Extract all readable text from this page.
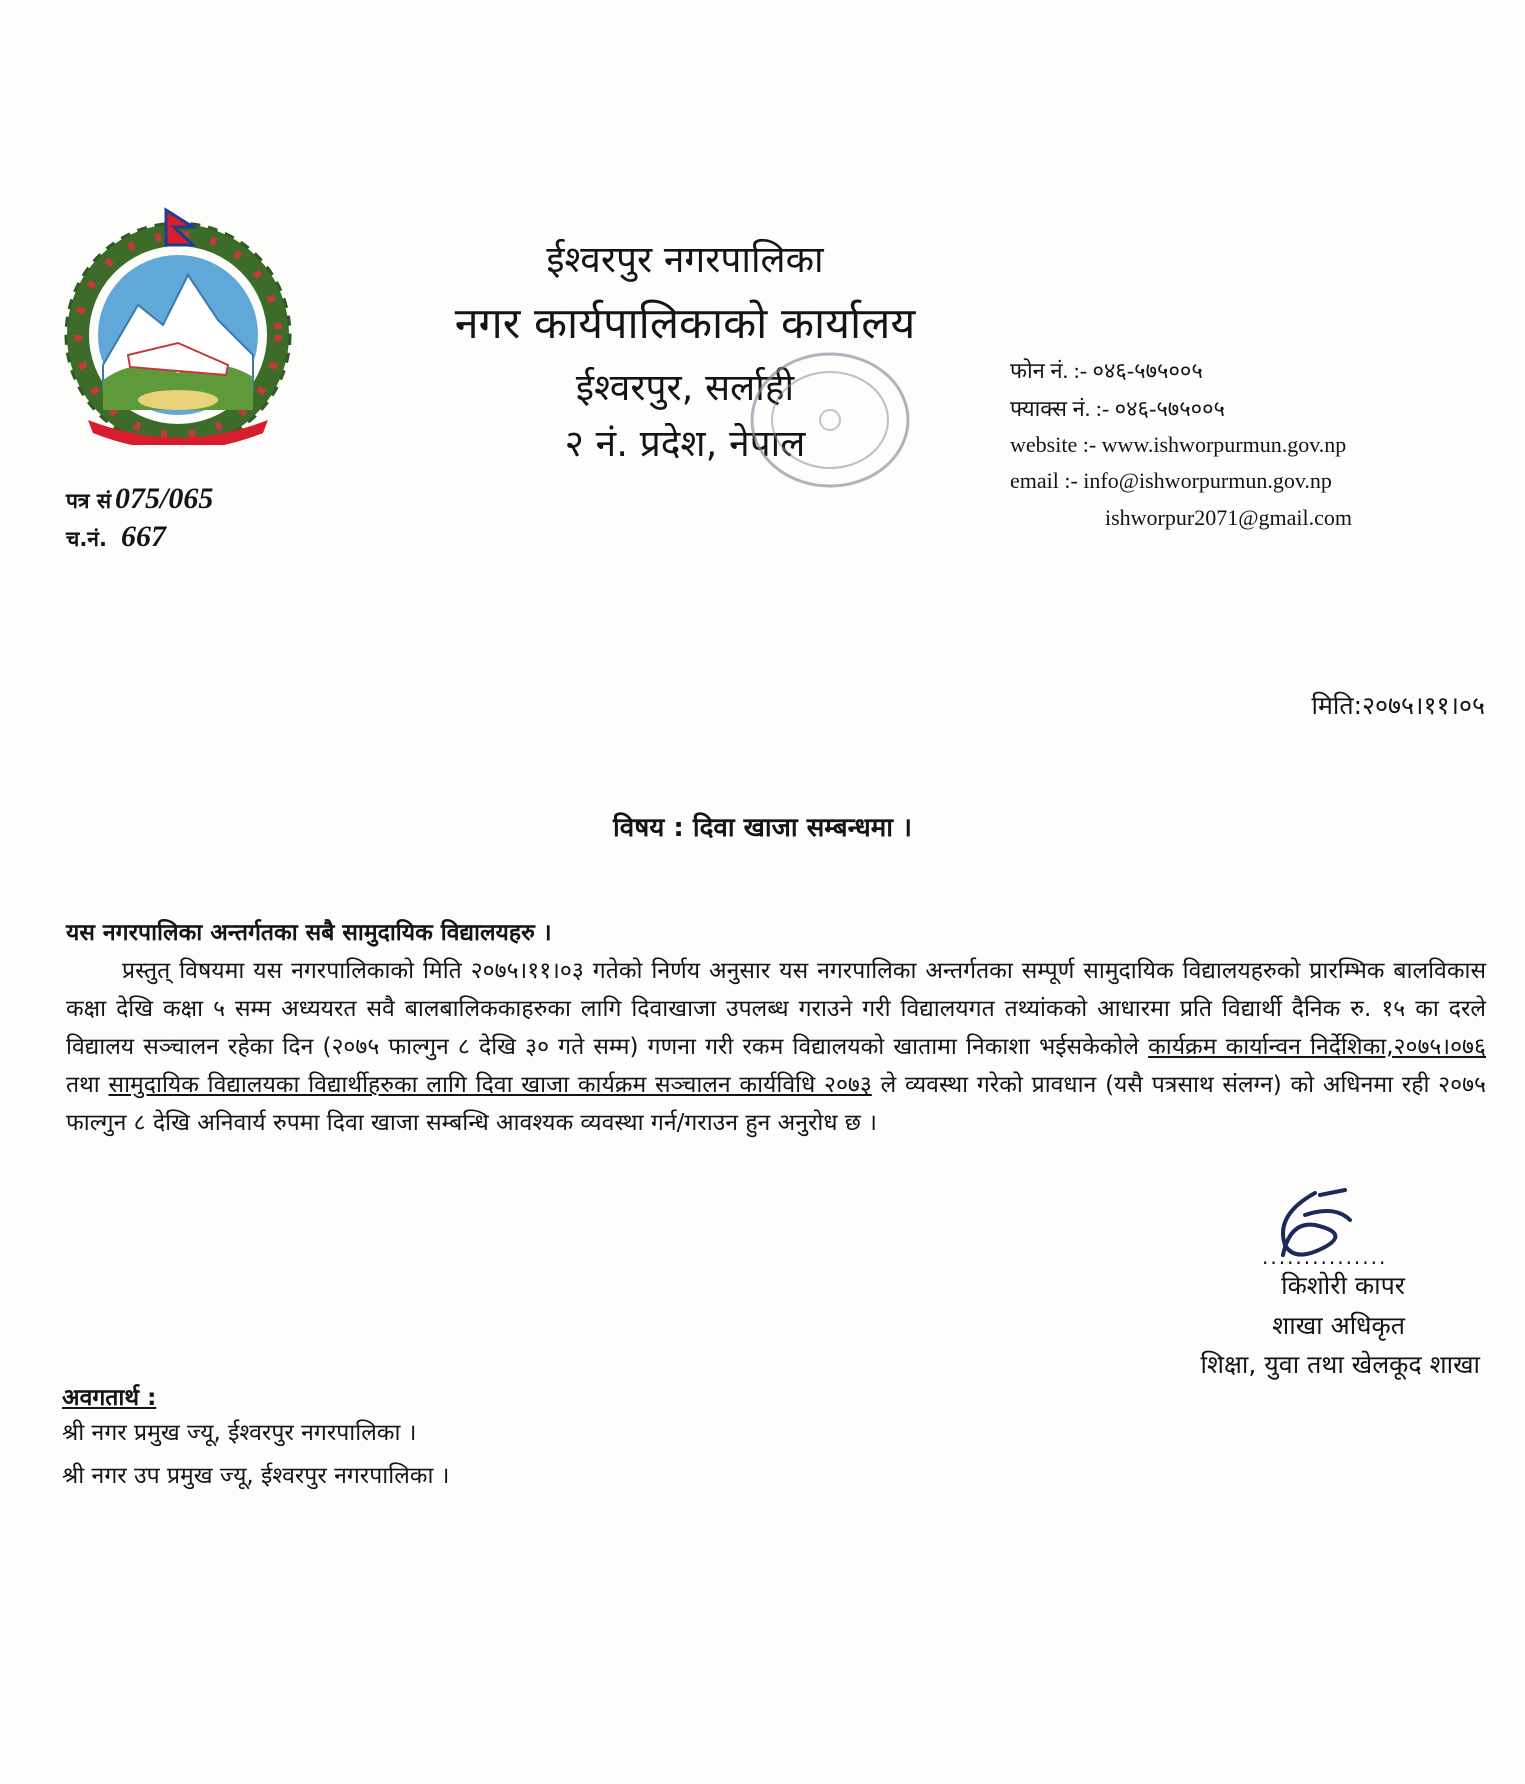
ईश्वरपुर नगरपालिका
नगर कार्यपालिकाको कार्यालय
ईश्वरपुर, सर्लाही
२ नं. प्रदेश, नेपाल
फोन नं. :- ०४६-५७५००५
फ्याक्स नं. :- ०४६-५७५००५
website :- www.ishworpurmun.gov.np
email :- info@ishworpurmun.gov.np
ishworpur2071@gmail.com
पत्र सं 075/065
च.नं. 667
मिति:२०७५।११।०५
विषय : दिवा खाजा सम्बन्धमा ।
यस नगरपालिका अन्तर्गतका सबै सामुदायिक विद्यालयहरु ।
प्रस्तुत् विषयमा यस नगरपालिकाको मिति २०७५।११।०३ गतेको निर्णय अनुसार यस नगरपालिका अन्तर्गतका सम्पूर्ण सामुदायिक विद्यालयहरुको प्रारम्भिक बालविकास कक्षा देखि कक्षा ५ सम्म अध्ययरत सवै बालबालिककाहरुका लागि दिवाखाजा उपलब्ध गराउने गरी विद्यालयगत तथ्यांकको आधारमा प्रति विद्यार्थी दैनिक रु. १५ का दरले विद्यालय सञ्चालन रहेका दिन (२०७५ फाल्गुन ८ देखि ३० गते सम्म) गणना गरी रकम विद्यालयको खातामा निकाशा भईसकेकोले कार्यक्रम कार्यान्वन निर्देशिका,२०७५।०७६ तथा सामुदायिक विद्यालयका विद्यार्थीहरुका लागि दिवा खाजा कार्यक्रम सञ्चालन कार्यविधि २०७३ ले व्यवस्था गरेको प्रावधान (यसै पत्रसाथ संलग्न) को अधिनमा रही २०७५ फाल्गुन ८ देखि अनिवार्य रुपमा दिवा खाजा सम्बन्धि आवश्यक व्यवस्था गर्न/गराउन हुन अनुरोध छ ।
...............
किशोरी कापर
शाखा अधिकृत
शिक्षा, युवा तथा खेलकूद शाखा
अवगतार्थ :
श्री नगर प्रमुख ज्यू, ईश्वरपुर नगरपालिका ।
श्री नगर उप प्रमुख ज्यू, ईश्वरपुर नगरपालिका ।
